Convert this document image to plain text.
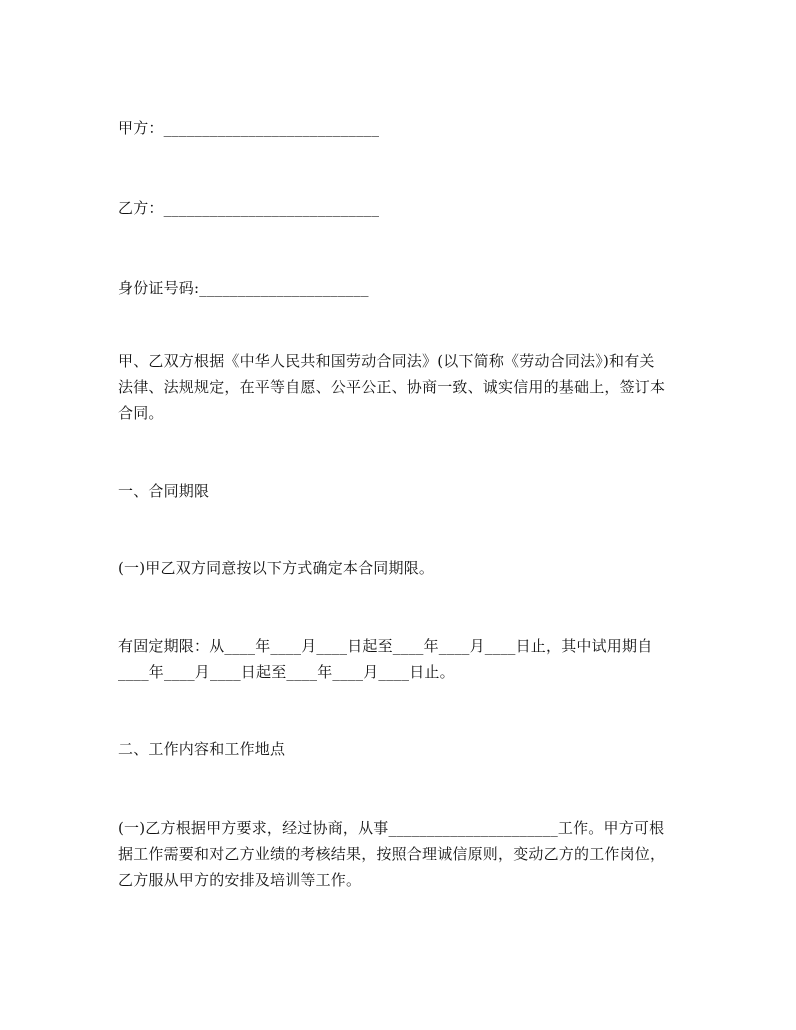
甲方：____________________________
乙方：____________________________
身份证号码:______________________
甲、乙双方根据《中华人民共和国劳动合同法》(以下简称《劳动合同法》)和有关
法律、法规规定，在平等自愿、公平公正、协商一致、诚实信用的基础上，签订本
合同。
一、合同期限
(一)甲乙双方同意按以下方式确定本合同期限。
有固定期限：从____年____月____日起至____年____月____日止，其中试用期自
____年____月____日起至____年____月____日止。
二、工作内容和工作地点
(一)乙方根据甲方要求，经过协商，从事______________________工作。甲方可根
据工作需要和对乙方业绩的考核结果，按照合理诚信原则，变动乙方的工作岗位，
乙方服从甲方的安排及培训等工作。
